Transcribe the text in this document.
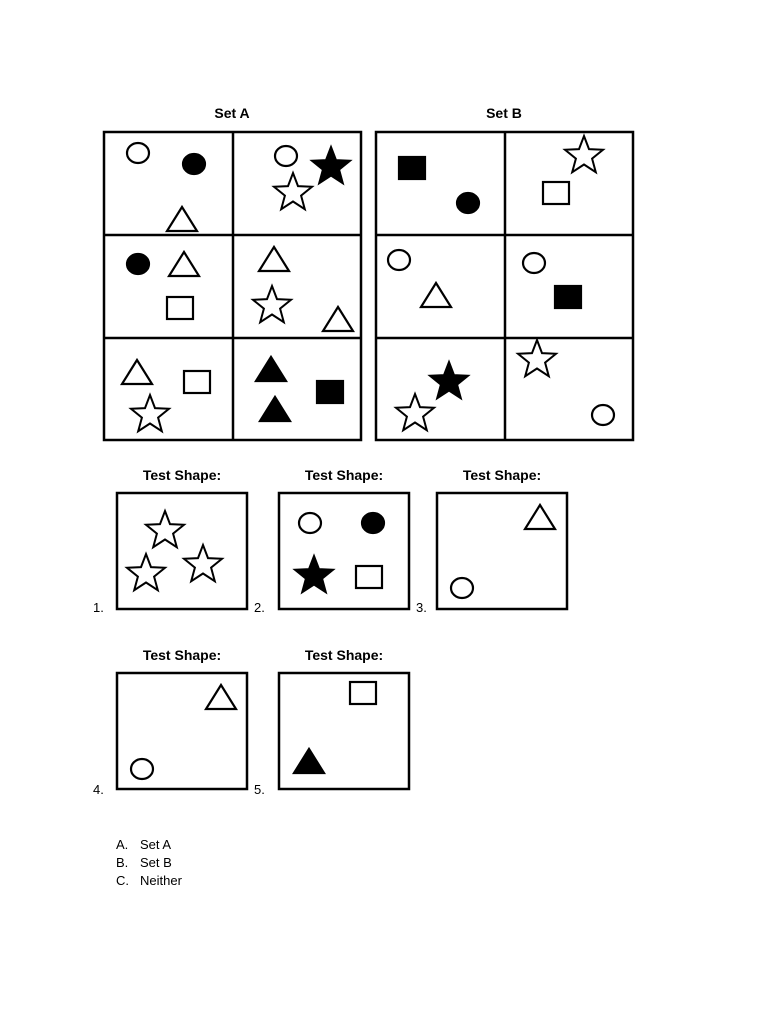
Set A	Set B
Test Shape:	Test Shape:	Test Shape:
Test Shape:	Test Shape:
1.	2.	3.
4.	5.
A. Set A
B. Set B
C. Neither
